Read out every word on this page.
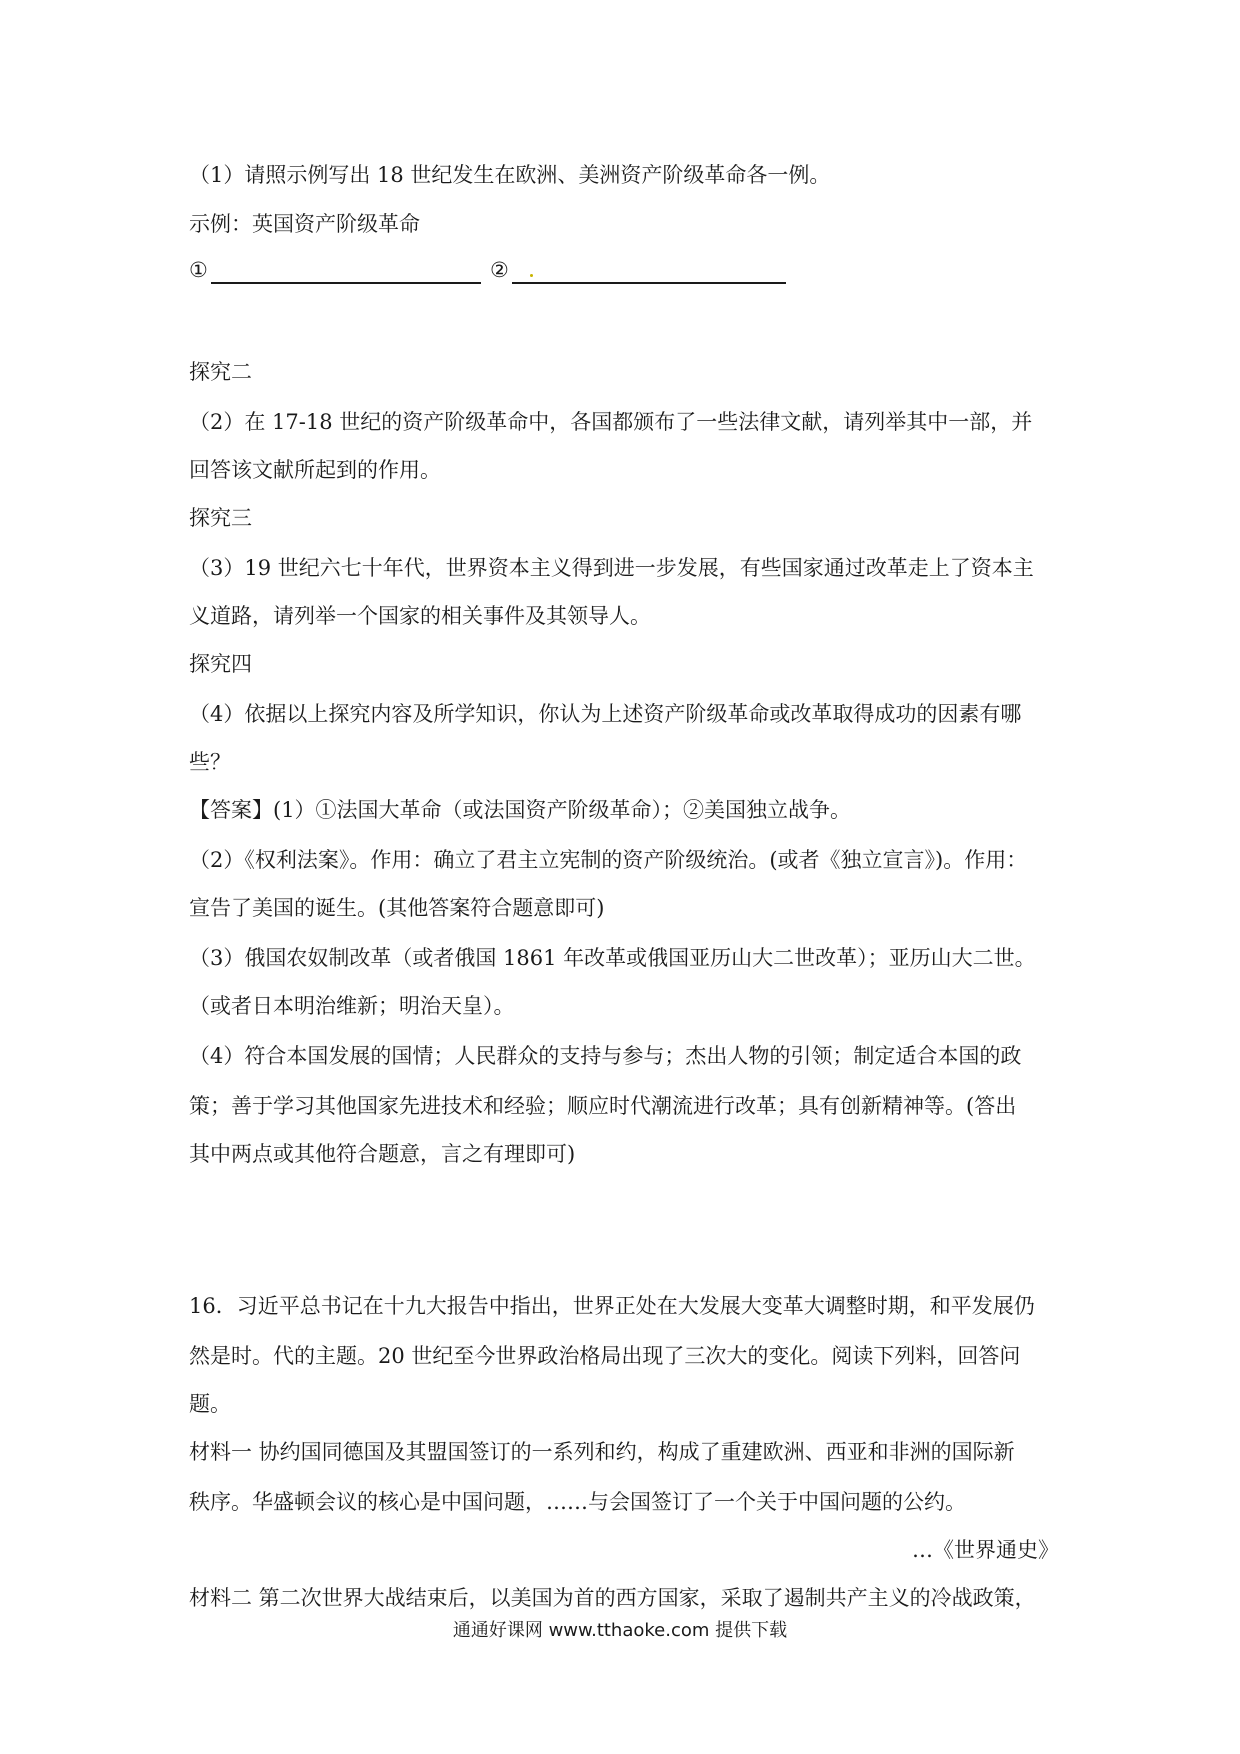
（1）请照示例写出 18 世纪发生在欧洲、美洲资产阶级革命各一例。
示例：英国资产阶级革命
①	②
探究二
（2）在 17-18 世纪的资产阶级革命中，各国都颁布了一些法律文献，请列举其中一部，并
回答该文献所起到的作用。
探究三
（3）19 世纪六七十年代，世界资本主义得到进一步发展，有些国家通过改革走上了资本主
义道路，请列举一个国家的相关事件及其领导人。
探究四
（4）依据以上探究内容及所学知识，你认为上述资产阶级革命或改革取得成功的因素有哪
些？
【答案】(1）①法国大革命（或法国资产阶级革命）；②美国独立战争。
（2）《权利法案》。作用：确立了君主立宪制的资产阶级统治。(或者《独立宣言》)。作用：
宣告了美国的诞生。(其他答案符合题意即可)
（3）俄国农奴制改革（或者俄国 1861 年改革或俄国亚历山大二世改革）；亚历山大二世。
（或者日本明治维新；明治天皇）。
（4）符合本国发展的国情；人民群众的支持与参与；杰出人物的引领；制定适合本国的政
策；善于学习其他国家先进技术和经验；顺应时代潮流进行改革；具有创新精神等。(答出
其中两点或其他符合题意，言之有理即可)
16．习近平总书记在十九大报告中指出，世界正处在大发展大变革大调整时期，和平发展仍
然是时。代的主题。20 世纪至今世界政治格局出现了三次大的变化。阅读下列料，回答问
题。
材料一 协约国同德国及其盟国签订的一系列和约，构成了重建欧洲、西亚和非洲的国际新
秩序。华盛顿会议的核心是中国问题，……与会国签订了一个关于中国问题的公约。
…《世界通史》
材料二 第二次世界大战结束后，以美国为首的西方国家，采取了遏制共产主义的冷战政策，
通通好课网 www.tthaoke.com 提供下载
